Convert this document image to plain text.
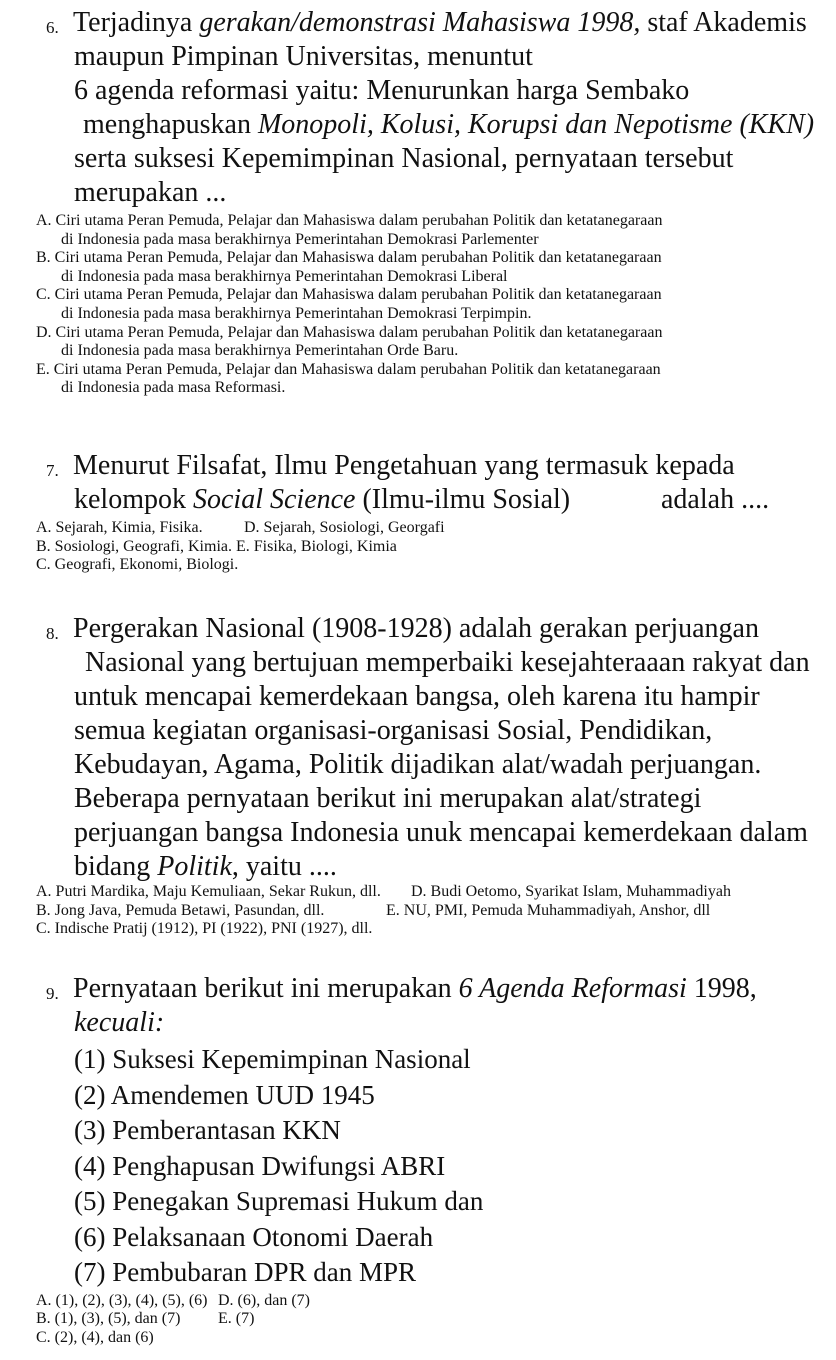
6. Terjadinya gerakan/demonstrasi Mahasiswa 1998, staf Akademis
maupun Pimpinan Universitas, menuntut
6 agenda reformasi yaitu: Menurunkan harga Sembako
menghapuskan Monopoli, Kolusi, Korupsi dan Nepotisme (KKN)
serta suksesi Kepemimpinan Nasional, pernyataan tersebut
merupakan ...
A. Ciri utama Peran Pemuda, Pelajar dan Mahasiswa dalam perubahan Politik dan ketatanegaraan
di Indonesia pada masa berakhirnya Pemerintahan Demokrasi Parlementer
B. Ciri utama Peran Pemuda, Pelajar dan Mahasiswa dalam perubahan Politik dan ketatanegaraan
di Indonesia pada masa berakhirnya Pemerintahan Demokrasi Liberal
C. Ciri utama Peran Pemuda, Pelajar dan Mahasiswa dalam perubahan Politik dan ketatanegaraan
di Indonesia pada masa berakhirnya Pemerintahan Demokrasi Terpimpin.
D. Ciri utama Peran Pemuda, Pelajar dan Mahasiswa dalam perubahan Politik dan ketatanegaraan
di Indonesia pada masa berakhirnya Pemerintahan Orde Baru.
E. Ciri utama Peran Pemuda, Pelajar dan Mahasiswa dalam perubahan Politik dan ketatanegaraan
di Indonesia pada masa Reformasi.
7. Menurut Filsafat, Ilmu Pengetahuan yang termasuk kepada
kelompok Social Science (Ilmu-ilmu Sosial)	adalah ....
A. Sejarah, Kimia, Fisika.	D. Sejarah, Sosiologi, Georgafi
B. Sosiologi, Geografi, Kimia. E. Fisika, Biologi, Kimia
C. Geografi, Ekonomi, Biologi.
8. Pergerakan Nasional (1908-1928) adalah gerakan perjuangan
Nasional yang bertujuan memperbaiki kesejahteraaan rakyat dan
untuk mencapai kemerdekaan bangsa, oleh karena itu hampir
semua kegiatan organisasi-organisasi Sosial, Pendidikan,
Kebudayan, Agama, Politik dijadikan alat/wadah perjuangan.
Beberapa pernyataan berikut ini merupakan alat/strategi
perjuangan bangsa Indonesia unuk mencapai kemerdekaan dalam
bidang Politik, yaitu ....
A. Putri Mardika, Maju Kemuliaan, Sekar Rukun, dll. D. Budi Oetomo, Syarikat Islam, Muhammadiyah
B. Jong Java, Pemuda Betawi, Pasundan, dll.	E. NU, PMI, Pemuda Muhammadiyah, Anshor, dll
C. Indische Pratij (1912), PI (1922), PNI (1927), dll.
9. Pernyataan berikut ini merupakan 6 Agenda Reformasi 1998,
kecuali:
(1) Suksesi Kepemimpinan Nasional
(2) Amendemen UUD 1945
(3) Pemberantasan KKN
(4) Penghapusan Dwifungsi ABRI
(5) Penegakan Supremasi Hukum dan
(6) Pelaksanaan Otonomi Daerah
(7) Pembubaran DPR dan MPR
A. (1), (2), (3), (4), (5), (6) D. (6), dan (7)
B. (1), (3), (5), dan (7) E. (7)
C. (2), (4), dan (6)
